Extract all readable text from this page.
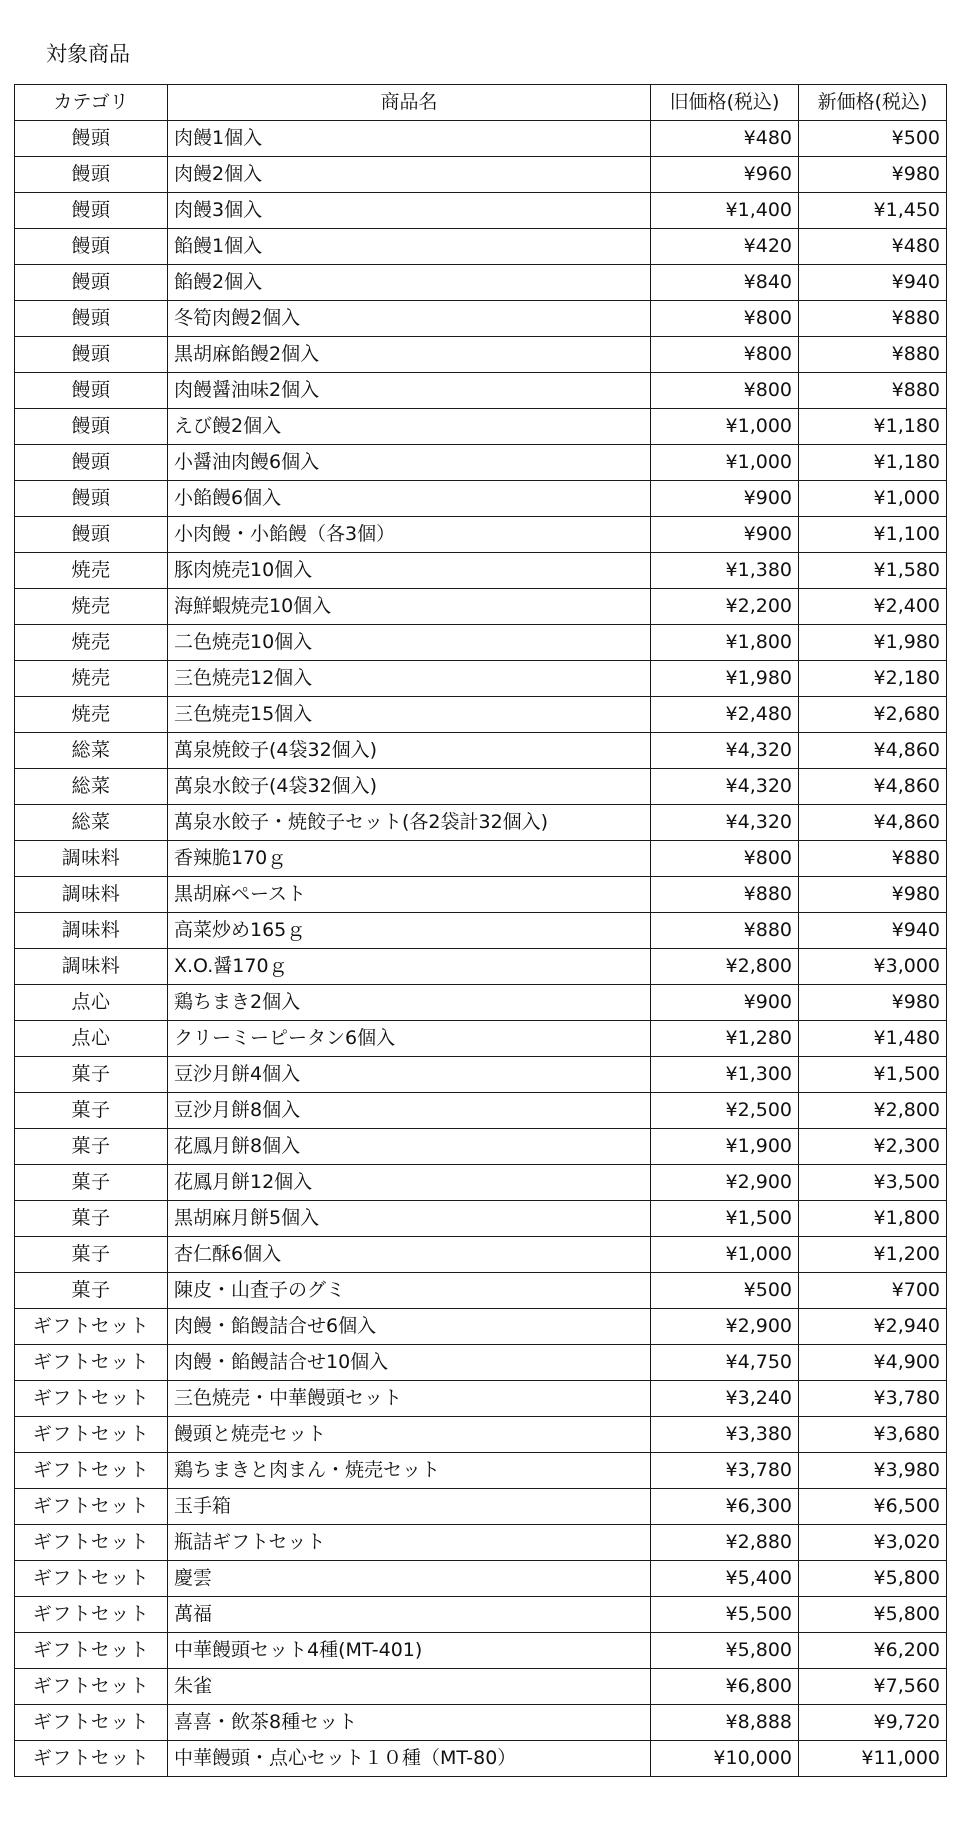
対象商品
カテゴリ	商品名	旧価格(税込)	新価格(税込)
饅頭	肉饅1個入	¥480	¥500
饅頭	肉饅2個入	¥960	¥980
饅頭	肉饅3個入	¥1,400	¥1,450
饅頭	餡饅1個入	¥420	¥480
饅頭	餡饅2個入	¥840	¥940
饅頭	冬筍肉饅2個入	¥800	¥880
饅頭	黒胡麻餡饅2個入	¥800	¥880
饅頭	肉饅醤油味2個入	¥800	¥880
饅頭	えび饅2個入	¥1,000	¥1,180
饅頭	小醤油肉饅6個入	¥1,000	¥1,180
饅頭	小餡饅6個入	¥900	¥1,000
饅頭	小肉饅・小餡饅（各3個）	¥900	¥1,100
焼売	豚肉焼売10個入	¥1,380	¥1,580
焼売	海鮮蝦焼売10個入	¥2,200	¥2,400
焼売	二色焼売10個入	¥1,800	¥1,980
焼売	三色焼売12個入	¥1,980	¥2,180
焼売	三色焼売15個入	¥2,480	¥2,680
総菜	萬泉焼餃子(4袋32個入)	¥4,320	¥4,860
総菜	萬泉水餃子(4袋32個入)	¥4,320	¥4,860
総菜	萬泉水餃子・焼餃子セット(各2袋計32個入)	¥4,320	¥4,860
調味料	香辣脆170ｇ	¥800	¥880
調味料	黒胡麻ペースト	¥880	¥980
調味料	高菜炒め165ｇ	¥880	¥940
調味料	X.O.醤170ｇ	¥2,800	¥3,000
点心	鶏ちまき2個入	¥900	¥980
点心	クリーミーピータン6個入	¥1,280	¥1,480
菓子	豆沙月餅4個入	¥1,300	¥1,500
菓子	豆沙月餅8個入	¥2,500	¥2,800
菓子	花鳳月餅8個入	¥1,900	¥2,300
菓子	花鳳月餅12個入	¥2,900	¥3,500
菓子	黒胡麻月餅5個入	¥1,500	¥1,800
菓子	杏仁酥6個入	¥1,000	¥1,200
菓子	陳皮・山査子のグミ	¥500	¥700
ギフトセット	肉饅・餡饅詰合せ6個入	¥2,900	¥2,940
ギフトセット	肉饅・餡饅詰合せ10個入	¥4,750	¥4,900
ギフトセット	三色焼売・中華饅頭セット	¥3,240	¥3,780
ギフトセット	饅頭と焼売セット	¥3,380	¥3,680
ギフトセット	鶏ちまきと肉まん・焼売セット	¥3,780	¥3,980
ギフトセット	玉手箱	¥6,300	¥6,500
ギフトセット	瓶詰ギフトセット	¥2,880	¥3,020
ギフトセット	慶雲	¥5,400	¥5,800
ギフトセット	萬福	¥5,500	¥5,800
ギフトセット	中華饅頭セット4種(MT-401)	¥5,800	¥6,200
ギフトセット	朱雀	¥6,800	¥7,560
ギフトセット	喜喜・飲茶8種セット	¥8,888	¥9,720
ギフトセット	中華饅頭・点心セット１０種（MT-80）	¥10,000	¥11,000
